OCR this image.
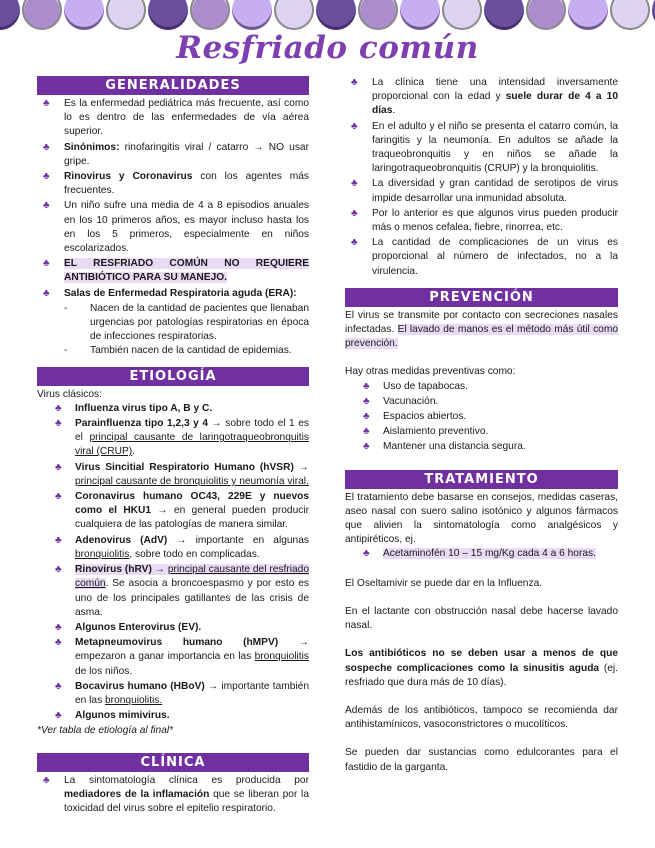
Resfriado común
GENERALIDADES
♣ Es la enfermedad pediátrica más frecuente, así como lo es dentro de las enfermedades de vía aérea superior.
♣ Sinónimos: rinofaringitis viral / catarro → NO usar gripe.
♣ Rinovirus y Coronavirus con los agentes más frecuentes.
♣ Un niño sufre una media de 4 a 8 episodios anuales en los 10 primeros años, es mayor incluso hasta los en los 5 primeros, especialmente en niños escolarizados.
♣ EL RESFRIADO COMÚN NO REQUIERE ANTIBIÓTICO PARA SU MANEJO.
♣ Salas de Enfermedad Respiratoria aguda (ERA):
- Nacen de la cantidad de pacientes que llenaban urgencias por patologías respiratorias en época de infecciones respiratorias.
- También nacen de la cantidad de epidemias.
ETIOLOGÍA
Virus clásicos:
♣ Influenza virus tipo A, B y C.
♣ Parainfluenza tipo 1,2,3 y 4 → sobre todo el 1 es el principal causante de laringotraqueobronquitis viral (CRUP).
♣ Virus Sincitial Respiratorio Humano (hVSR) → principal causante de bronquiolitis y neumonía viral.
♣ Coronavirus humano OC43, 229E y nuevos como el HKU1 → en general pueden producir cualquiera de las patologías de manera similar.
♣ Adenovirus (AdV) → importante en algunas bronquiolitis, sobre todo en complicadas.
♣ Rinovirus (hRV) → principal causante del resfriado común. Se asocia a broncoespasmo y por esto es uno de los principales gatillantes de las crisis de asma.
♣ Algunos Enterovirus (EV).
♣ Metapneumovirus humano (hMPV) → empezaron a ganar importancia en las bronquiolitis de los niños.
♣ Bocavirus humano (HBoV) → importante también en las bronquiolitis.
♣ Algunos mimivirus.
*Ver tabla de etiología al final*
CLÍNICA
♣ La sintomatología clínica es producida por mediadores de la inflamación que se liberan por la toxicidad del virus sobre el epitelio respiratorio.
♣ La clínica tiene una intensidad inversamente proporcional con la edad y suele durar de 4 a 10 días.
♣ En el adulto y el niño se presenta el catarro común, la faringitis y la neumonía. En adultos se añade la traqueobronquitis y en niños se añade la laringotraqueobronquitis (CRUP) y la bronquiolitis.
♣ La diversidad y gran cantidad de serotipos de virus impide desarrollar una inmunidad absoluta.
♣ Por lo anterior es que algunos virus pueden producir más o menos cefalea, fiebre, rinorrea, etc.
♣ La cantidad de complicaciones de un virus es proporcional al número de infectados, no a la virulencia.
PREVENCIÓN

El virus se transmite por contacto con secreciones nasales infectadas. El lavado de manos es el método más útil como prevención.

Hay otras medidas preventivas como:
♣ Uso de tapabocas.
♣ Vacunación.
♣ Espacios abiertos.
♣ Aislamiento preventivo.
♣ Mantener una distancia segura.
TRATAMIENTO

El tratamiento debe basarse en consejos, medidas caseras, aseo nasal con suero salino isotónico y algunos fármacos que alivien la sintomatología como analgésicos y antipiréticos, ej.

♣ Acetaminofén 10 – 15 mg/Kg cada 4 a 6 horas.

El Oseltamivir se puede dar en la Influenza.

En el lactante con obstrucción nasal debe hacerse lavado nasal.

Los antibióticos no se deben usar a menos de que sospeche complicaciones como la sinusitis aguda (ej. resfriado que dura más de 10 días).

Además de los antibióticos, tampoco se recomienda dar antihistamínicos, vasoconstrictores o mucolíticos.

Se pueden dar sustancias como edulcorantes para el fastidio de la garganta.
